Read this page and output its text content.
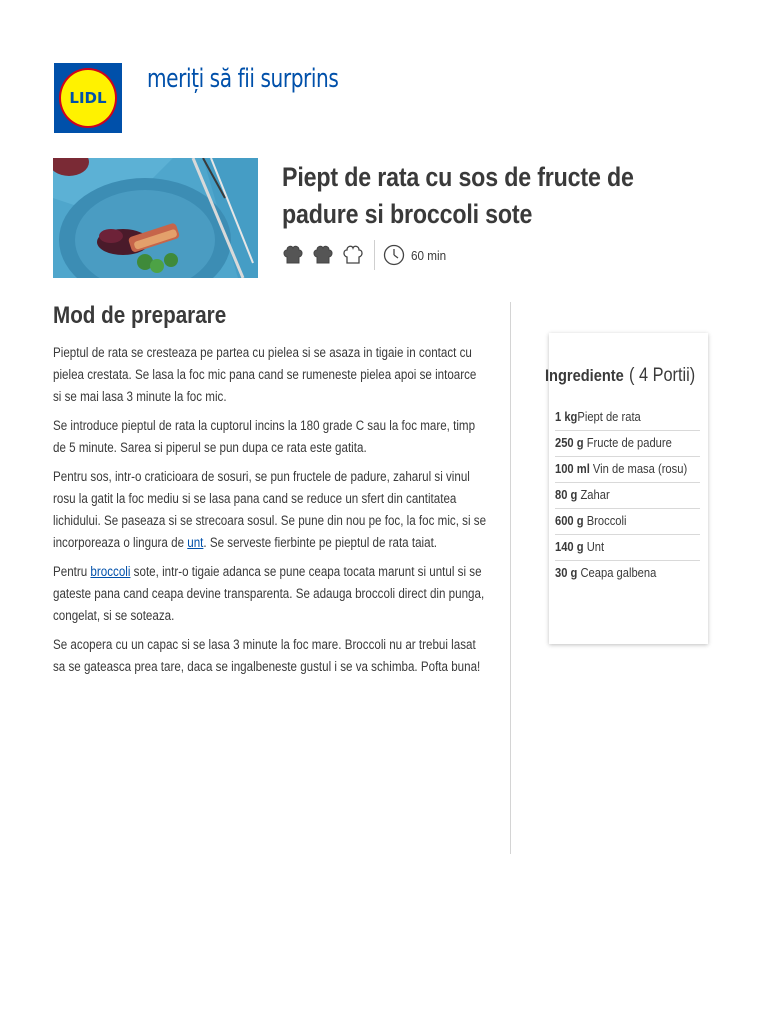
LIDL
meriți să fii surprins
Piept de rata cu sos de fructe de padure si broccoli sote
60 min
Mod de preparare

Pieptul de rata se cresteaza pe partea cu pielea si se asaza in tigaie in contact cu pielea crestata. Se lasa la foc mic pana cand se rumeneste pielea apoi se intoarce si se mai lasa 3 minute la foc mic.

Se introduce pieptul de rata la cuptorul incins la 180 grade C sau la foc mare, timp de 5 minute. Sarea si piperul se pun dupa ce rata este gatita.

Pentru sos, intr-o craticioara de sosuri, se pun fructele de padure, zaharul si vinul rosu la gatit la foc mediu si se lasa pana cand se reduce un sfert din cantitatea lichidului. Se paseaza si se strecoara sosul. Se pune din nou pe foc, la foc mic, si se incorporeaza o lingura de unt. Se serveste fierbinte pe pieptul de rata taiat.

Pentru broccoli sote, intr-o tigaie adanca se pune ceapa tocata marunt si untul si se gateste pana cand ceapa devine transparenta. Se adauga broccoli direct din punga, congelat, si se soteaza.

Se acopera cu un capac si se lasa 3 minute la foc mare. Broccoli nu ar trebui lasat sa se gateasca prea tare, daca se ingalbeneste gustul i se va schimba. Pofta buna!

Ingrediente ( 4 Portii)
1 kgPiept de rata
250 g Fructe de padure
100 ml Vin de masa (rosu)
80 g Zahar
600 g Broccoli
140 g Unt
30 g Ceapa galbena
